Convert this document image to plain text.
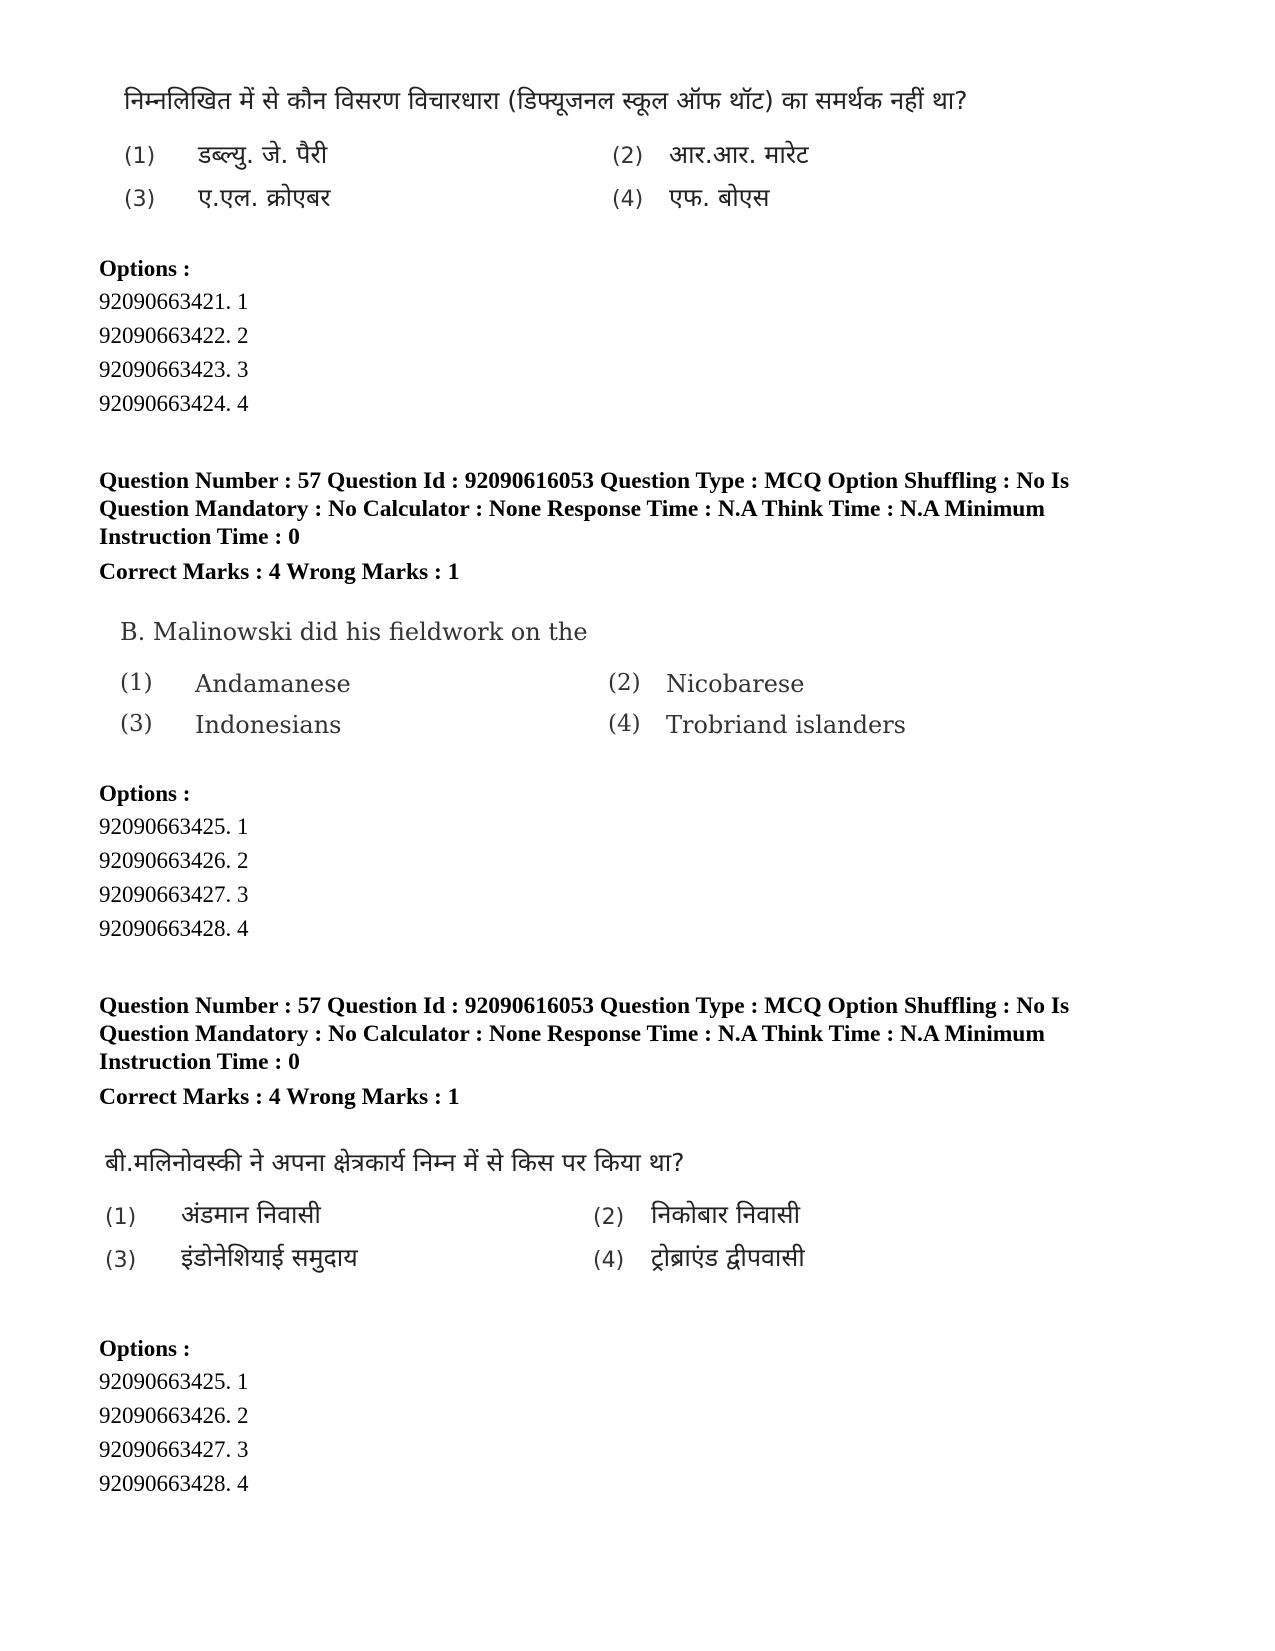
निम्नलिखित में से कौन विसरण विचारधारा (डिफ्यूजनल स्कूल ऑफ थॉट) का समर्थक नहीं था?
(1) डब्ल्यु. जे. पैरी	(2) आर.आर. मारेट
(3) ए.एल. क्रोएबर	(4) एफ. बोएस
Options :
92090663421. 1
92090663422. 2
92090663423. 3
92090663424. 4
Question Number : 57 Question Id : 92090616053 Question Type : MCQ Option Shuffling : No Is
Question Mandatory : No Calculator : None Response Time : N.A Think Time : N.A Minimum
Instruction Time : 0
Correct Marks : 4 Wrong Marks : 1
B. Malinowski did his fieldwork on the
(1) Andamanese	(2) Nicobarese
(3) Indonesians	(4) Trobriand islanders
Options :
92090663425. 1
92090663426. 2
92090663427. 3
92090663428. 4
Question Number : 57 Question Id : 92090616053 Question Type : MCQ Option Shuffling : No Is
Question Mandatory : No Calculator : None Response Time : N.A Think Time : N.A Minimum
Instruction Time : 0
Correct Marks : 4 Wrong Marks : 1
बी.मलिनोवस्की ने अपना क्षेत्रकार्य निम्न में से किस पर किया था?
(1) अंडमान निवासी	(2) निकोबार निवासी
(3) इंडोनेशियाई समुदाय	(4) ट्रोब्राएंड द्वीपवासी
Options :
92090663425. 1
92090663426. 2
92090663427. 3
92090663428. 4
